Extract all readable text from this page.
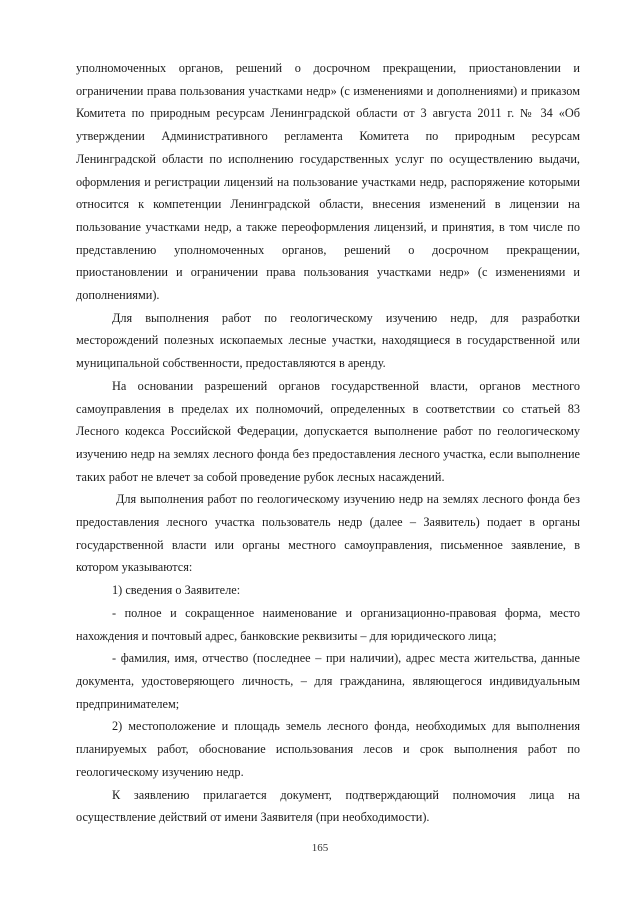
уполномоченных органов, решений о досрочном прекращении, приостановлении и ограничении права пользования участками недр» (с изменениями и дополнениями) и приказом Комитета по природным ресурсам Ленинградской области от 3 августа 2011 г. № 34 «Об утверждении Административного регламента Комитета по природным ресурсам Ленинградской области по исполнению государственных услуг по осуществлению выдачи, оформления и регистрации лицензий на пользование участками недр, распоряжение которыми относится к компетенции Ленинградской области, внесения изменений в лицензии на пользование участками недр, а также переоформления лицензий, и принятия, в том числе по представлению уполномоченных органов, решений о досрочном прекращении, приостановлении и ограничении права пользования участками недр» (с изменениями и дополнениями).

Для выполнения работ по геологическому изучению недр, для разработки месторождений полезных ископаемых лесные участки, находящиеся в государственной или муниципальной собственности, предоставляются в аренду.

На основании разрешений органов государственной власти, органов местного самоуправления в пределах их полномочий, определенных в соответствии со статьей 83 Лесного кодекса Российской Федерации, допускается выполнение работ по геологическому изучению недр на землях лесного фонда без предоставления лесного участка, если выполнение таких работ не влечет за собой проведение рубок лесных насаждений.

Для выполнения работ по геологическому изучению недр на землях лесного фонда без предоставления лесного участка пользователь недр (далее – Заявитель) подает в органы государственной власти или органы местного самоуправления, письменное заявление, в котором указываются:

1) сведения о Заявителе:

- полное и сокращенное наименование и организационно-правовая форма, место нахождения и почтовый адрес, банковские реквизиты – для юридического лица;

- фамилия, имя, отчество (последнее – при наличии), адрес места жительства, данные документа, удостоверяющего личность, – для гражданина, являющегося индивидуальным предпринимателем;

2) местоположение и площадь земель лесного фонда, необходимых для выполнения планируемых работ, обоснование использования лесов и срок выполнения работ по геологическому изучению недр.

К заявлению прилагается документ, подтверждающий полномочия лица на осуществление действий от имени Заявителя (при необходимости).

165
